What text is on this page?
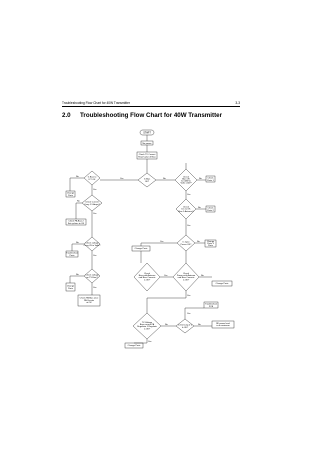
Troubleshooting Flow Chart for 40W Transmitter	3-3
2.0 Troubleshooting Flow Chart for 40W Transmitter
START
No power
Check TX Current
Read value of Bias
Is Bias
OK?
Is Bias to
IC? OK
Change
Parts
Check Current
Carry 1.5 Amps?
Check PA Bias 2
Set up bias to OK
Check voltage
Carry 4V to Volts?
Troubleshoot
Parts
Check voltage
on TX Bias?
Change
Parts
Check PA Bias once
PA Circuits
at OK
Check
Bias OK
for 40W to
Volts ±10V?
Check
Parts 1
Check
DC to OK
Bias 1 Antenna?
Check
Parts 2
Is input
Power OK?
Change
Parts 3
Parts
Change Parts
Check
Bias with Antenna
and Bias Currents
is OK?
Check
Power with Antenna
and Bias Currents
is OK?
Change Parts
TX Voltage
Bias current PA
Regulator 1 Regulate
is OK?
Is the Duty of 2
Is OK?
Troubleshoot
PCB
RF power level
is at maximum
Change Parts
Yes	No
No
Yes
No
Yes
No
Yes
No
Yes
No
Yes
No
Yes
No
Yes
No
Yes
Yes
No	No
Yes
Yes
